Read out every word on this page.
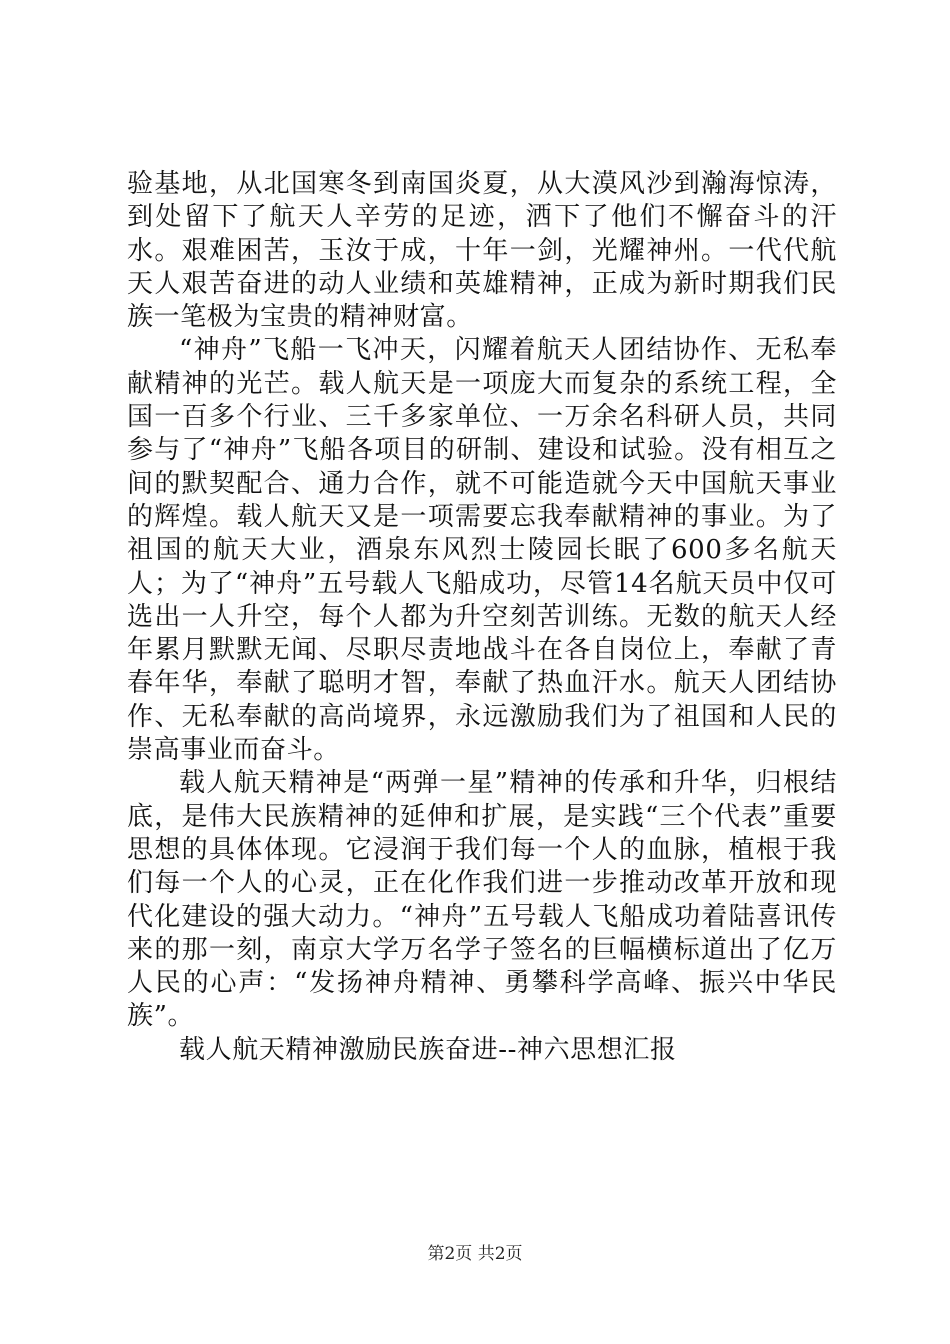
验基地，从北国寒冬到南国炎夏，从大漠风沙到瀚海惊涛，到处留下了航天人辛劳的足迹，洒下了他们不懈奋斗的汗水。艰难困苦，玉汝于成，十年一剑，光耀神州。一代代航天人艰苦奋进的动人业绩和英雄精神，正成为新时期我们民族一笔极为宝贵的精神财富。

“神舟”飞船一飞冲天，闪耀着航天人团结协作、无私奉献精神的光芒。载人航天是一项庞大而复杂的系统工程，全国一百多个行业、三千多家单位、一万余名科研人员，共同参与了“神舟”飞船各项目的研制、建设和试验。没有相互之间的默契配合、通力合作，就不可能造就今天中国航天事业的辉煌。载人航天又是一项需要忘我奉献精神的事业。为了祖国的航天大业，酒泉东风烈士陵园长眠了600多名航天人；为了“神舟”五号载人飞船成功，尽管14名航天员中仅可选出一人升空，每个人都为升空刻苦训练。无数的航天人经年累月默默无闻、尽职尽责地战斗在各自岗位上，奉献了青春年华，奉献了聪明才智，奉献了热血汗水。航天人团结协作、无私奉献的高尚境界，永远激励我们为了祖国和人民的崇高事业而奋斗。

载人航天精神是“两弹一星”精神的传承和升华，归根结底，是伟大民族精神的延伸和扩展，是实践“三个代表”重要思想的具体体现。它浸润于我们每一个人的血脉，植根于我们每一个人的心灵，正在化作我们进一步推动改革开放和现代化建设的强大动力。“神舟”五号载人飞船成功着陆喜讯传来的那一刻，南京大学万名学子签名的巨幅横标道出了亿万人民的心声：“发扬神舟精神、勇攀科学高峰、振兴中华民族”。

载人航天精神激励民族奋进--神六思想汇报

第2页 共2页
